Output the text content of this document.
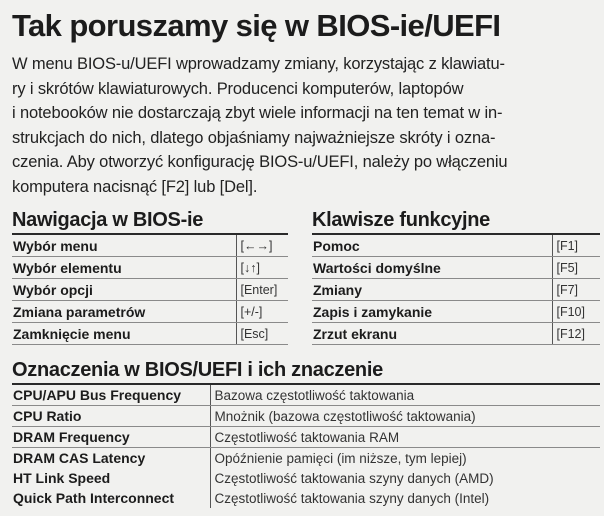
Tak poruszamy się w BIOS-ie/UEFI

W menu BIOS-u/UEFI wprowadzamy zmiany, korzystając z klawiatu-
ry i skrótów klawiaturowych. Producenci komputerów, laptopów
i notebooków nie dostarczają zbyt wiele informacji na ten temat w in-
strukcjach do nich, dlatego objaśniamy najważniejsze skróty i ozna-
czenia. Aby otworzyć konfigurację BIOS-u/UEFI, należy po włączeniu
komputera nacisnąć [F2] lub [Del].

Nawigacja w BIOS-ie
Wybór menu	[←→]
Wybór elementu	[↓↑]
Wybór opcji	[Enter]
Zmiana parametrów	[+/-]
Zamknięcie menu	[Esc]
Klawisze funkcyjne
Pomoc	[F1]
Wartości domyślne	[F5]
Zmiany	[F7]
Zapis i zamykanie	[F10]
Zrzut ekranu	[F12]
Oznaczenia w BIOS/UEFI i ich znaczenie
CPU/APU Bus Frequency	Bazowa częstotliwość taktowania
CPU Ratio	Mnożnik (bazowa częstotliwość taktowania)
DRAM Frequency	Częstotliwość taktowania RAM
DRAM CAS Latency	Opóźnienie pamięci (im niższe, tym lepiej)
HT Link Speed	Częstotliwość taktowania szyny danych (AMD)
Quick Path Interconnect	Częstotliwość taktowania szyny danych (Intel)
